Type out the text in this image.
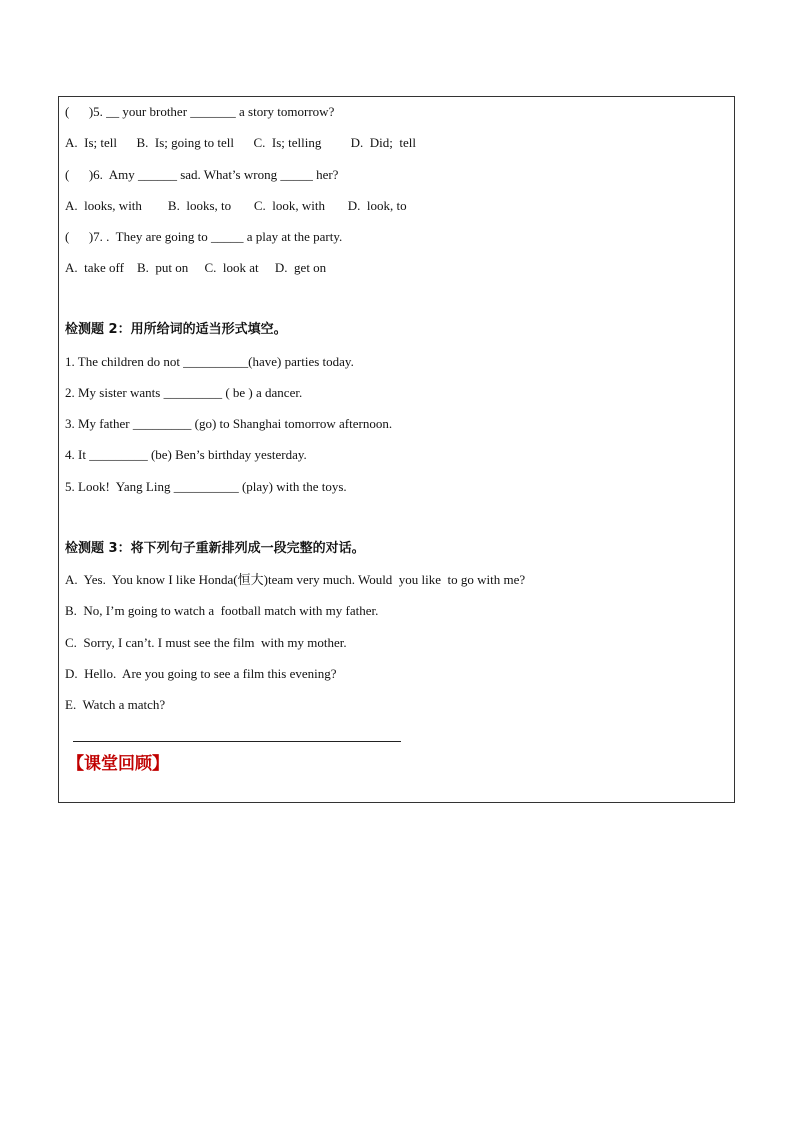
(      )5. __ your brother _______ a story tomorrow?
A.  Is; tell      B.  Is; going to tell      C.  Is; telling         D.  Did;  tell
(      )6.  Amy ______ sad. What’s wrong _____ her?
A.  looks, with        B.  looks, to       C.  look, with       D.  look, to
(      )7. .  They are going to _____ a play at the party.
A.  take off    B.  put on     C.  look at     D.  get on
检测题 2：用所给词的适当形式填空。
1. The children do not __________(have) parties today.
2. My sister wants _________ ( be ) a dancer.
3. My father _________ (go) to Shanghai tomorrow afternoon.
4. It _________ (be) Ben’s birthday yesterday.
5. Look!  Yang Ling __________ (play) with the toys.
检测题 3：将下列句子重新排列成一段完整的对话。
A.  Yes.  You know I like Honda(恒大)team very much. Would  you like  to go with me?
B.  No, I’m going to watch a  football match with my father.
C.  Sorry, I can’t. I must see the film  with my mother.
D.  Hello.  Are you going to see a film this evening?
E.  Watch a match?
【课堂回顾】
